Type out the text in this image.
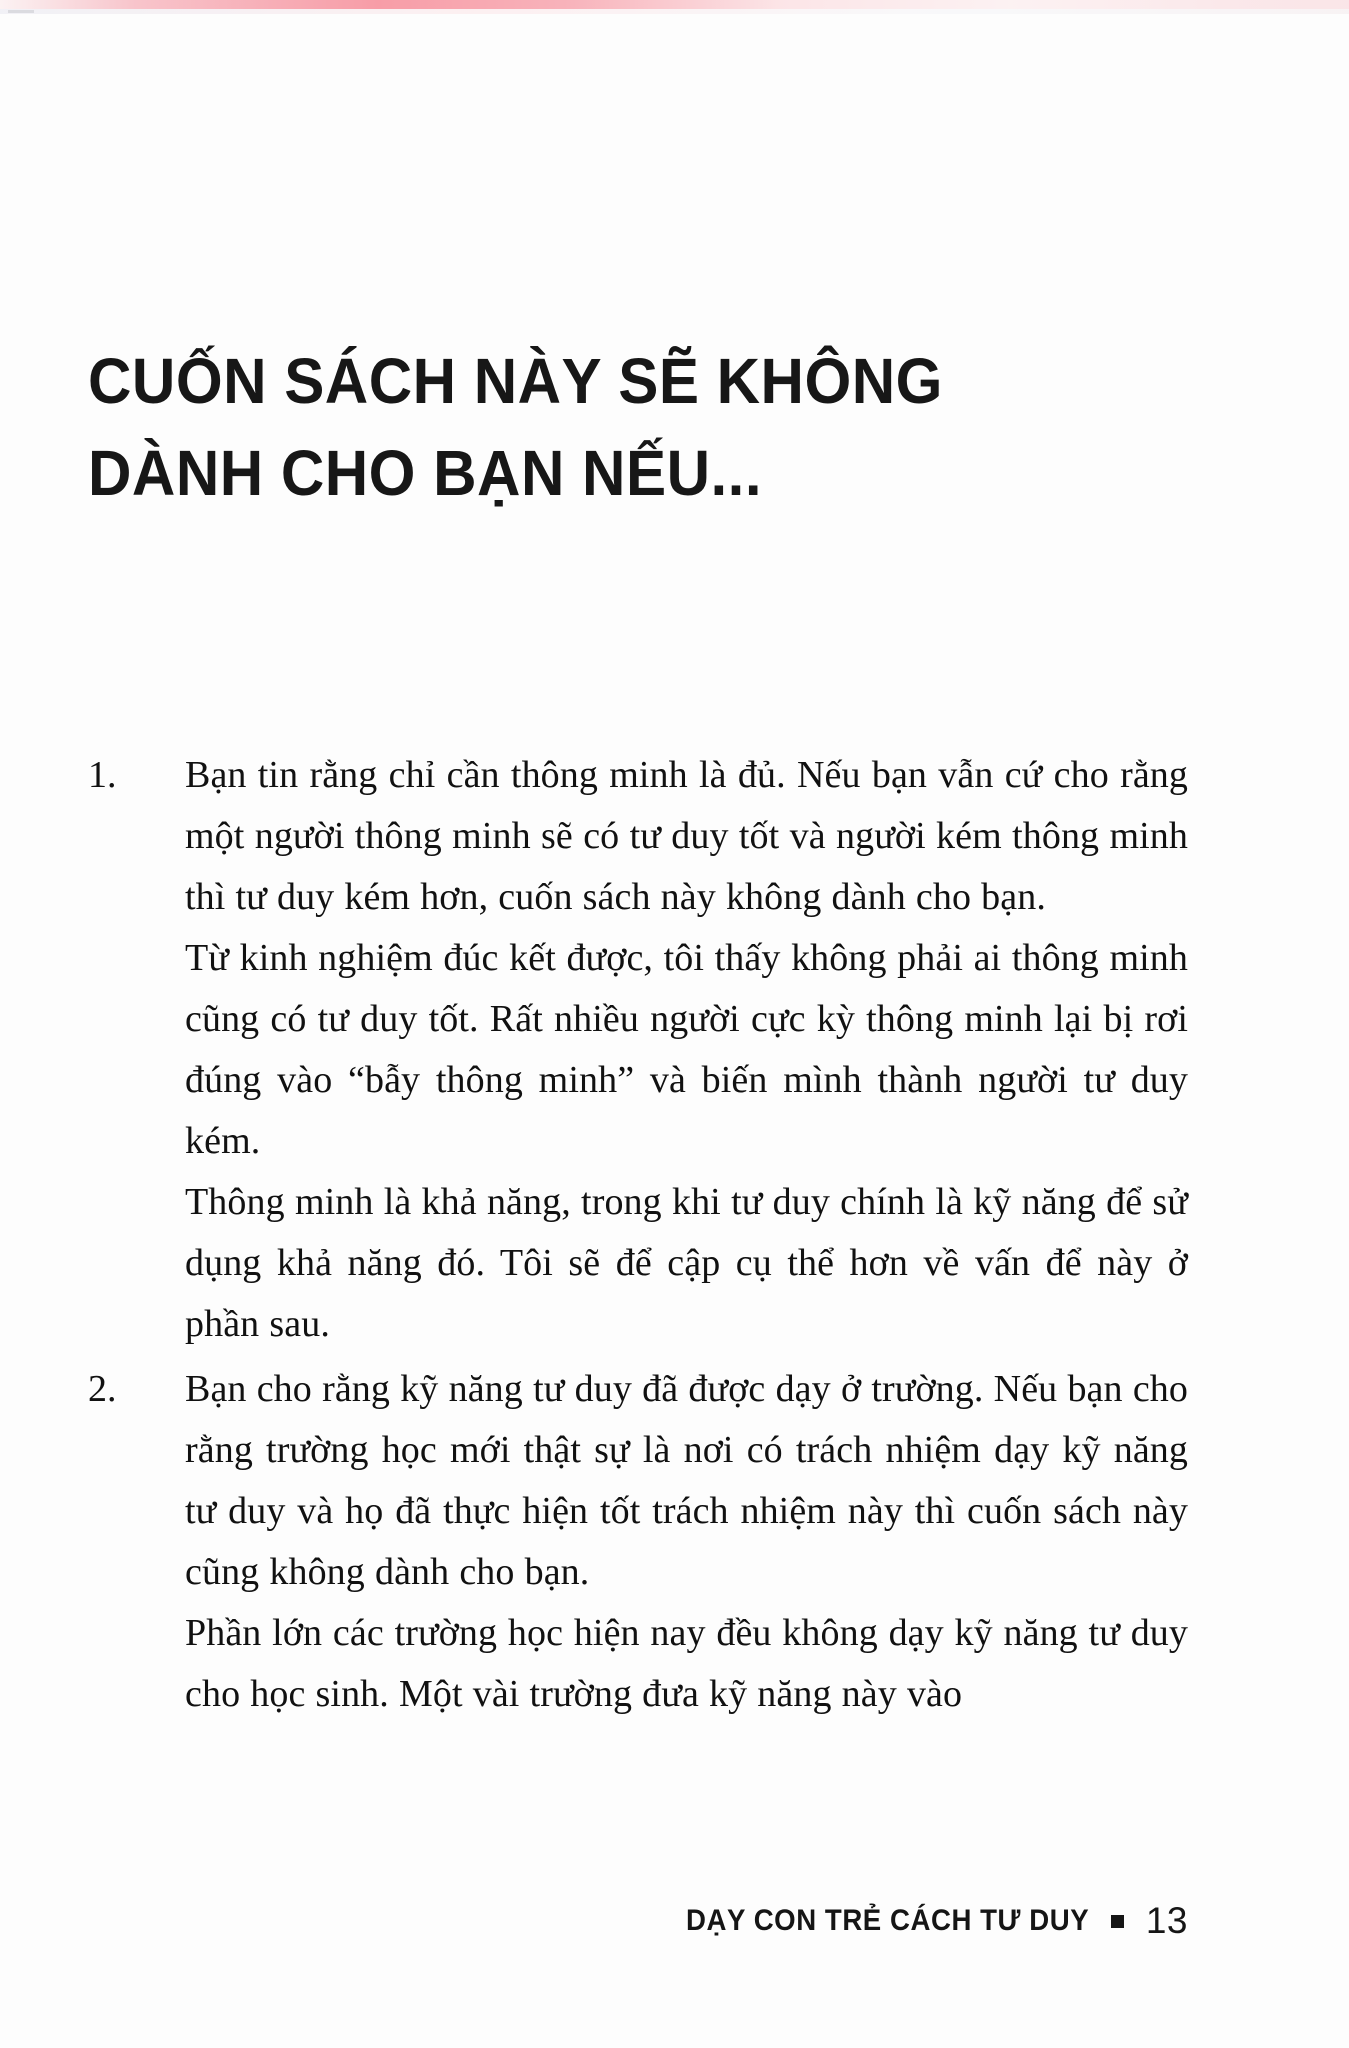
CUỐN SÁCH NÀY SẼ KHÔNG
DÀNH CHO BẠN NẾU...
1.	Bạn tin rằng chỉ cần thông minh là đủ. Nếu bạn vẫn cứ cho rằng một người thông minh sẽ có tư duy tốt và người kém thông minh thì tư duy kém hơn, cuốn sách này không dành cho bạn.

Từ kinh nghiệm đúc kết được, tôi thấy không phải ai thông minh cũng có tư duy tốt. Rất nhiều người cực kỳ thông minh lại bị rơi đúng vào “bẫy thông minh” và biến mình thành người tư duy kém.

Thông minh là khả năng, trong khi tư duy chính là kỹ năng để sử dụng khả năng đó. Tôi sẽ để cập cụ thể hơn về vấn để này ở phần sau.

2.	Bạn cho rằng kỹ năng tư duy đã được dạy ở trường. Nếu bạn cho rằng trường học mới thật sự là nơi có trách nhiệm dạy kỹ năng tư duy và họ đã thực hiện tốt trách nhiệm này thì cuốn sách này cũng không dành cho bạn.

Phần lớn các trường học hiện nay đều không dạy kỹ năng tư duy cho học sinh. Một vài trường đưa kỹ năng này vào

DẠY CON TRẺ CÁCH TƯ DUY 13
